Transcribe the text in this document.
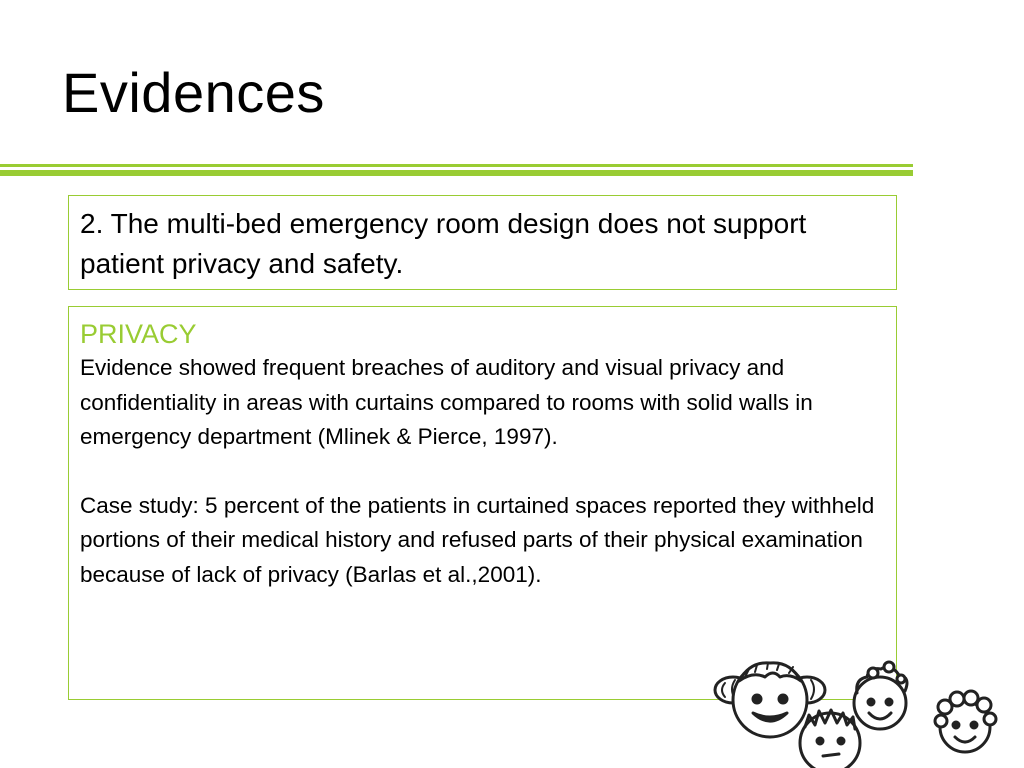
Evidences
2. The multi-bed emergency room design does not support patient privacy and safety.
PRIVACY

Evidence showed frequent breaches of auditory and visual privacy and confidentiality in areas with curtains compared to rooms with solid walls in emergency department (Mlinek & Pierce, 1997).

Case study: 5 percent of the patients in curtained spaces reported they withheld portions of their medical history and refused parts of their physical examination because of lack of privacy (Barlas et al.,2001).
